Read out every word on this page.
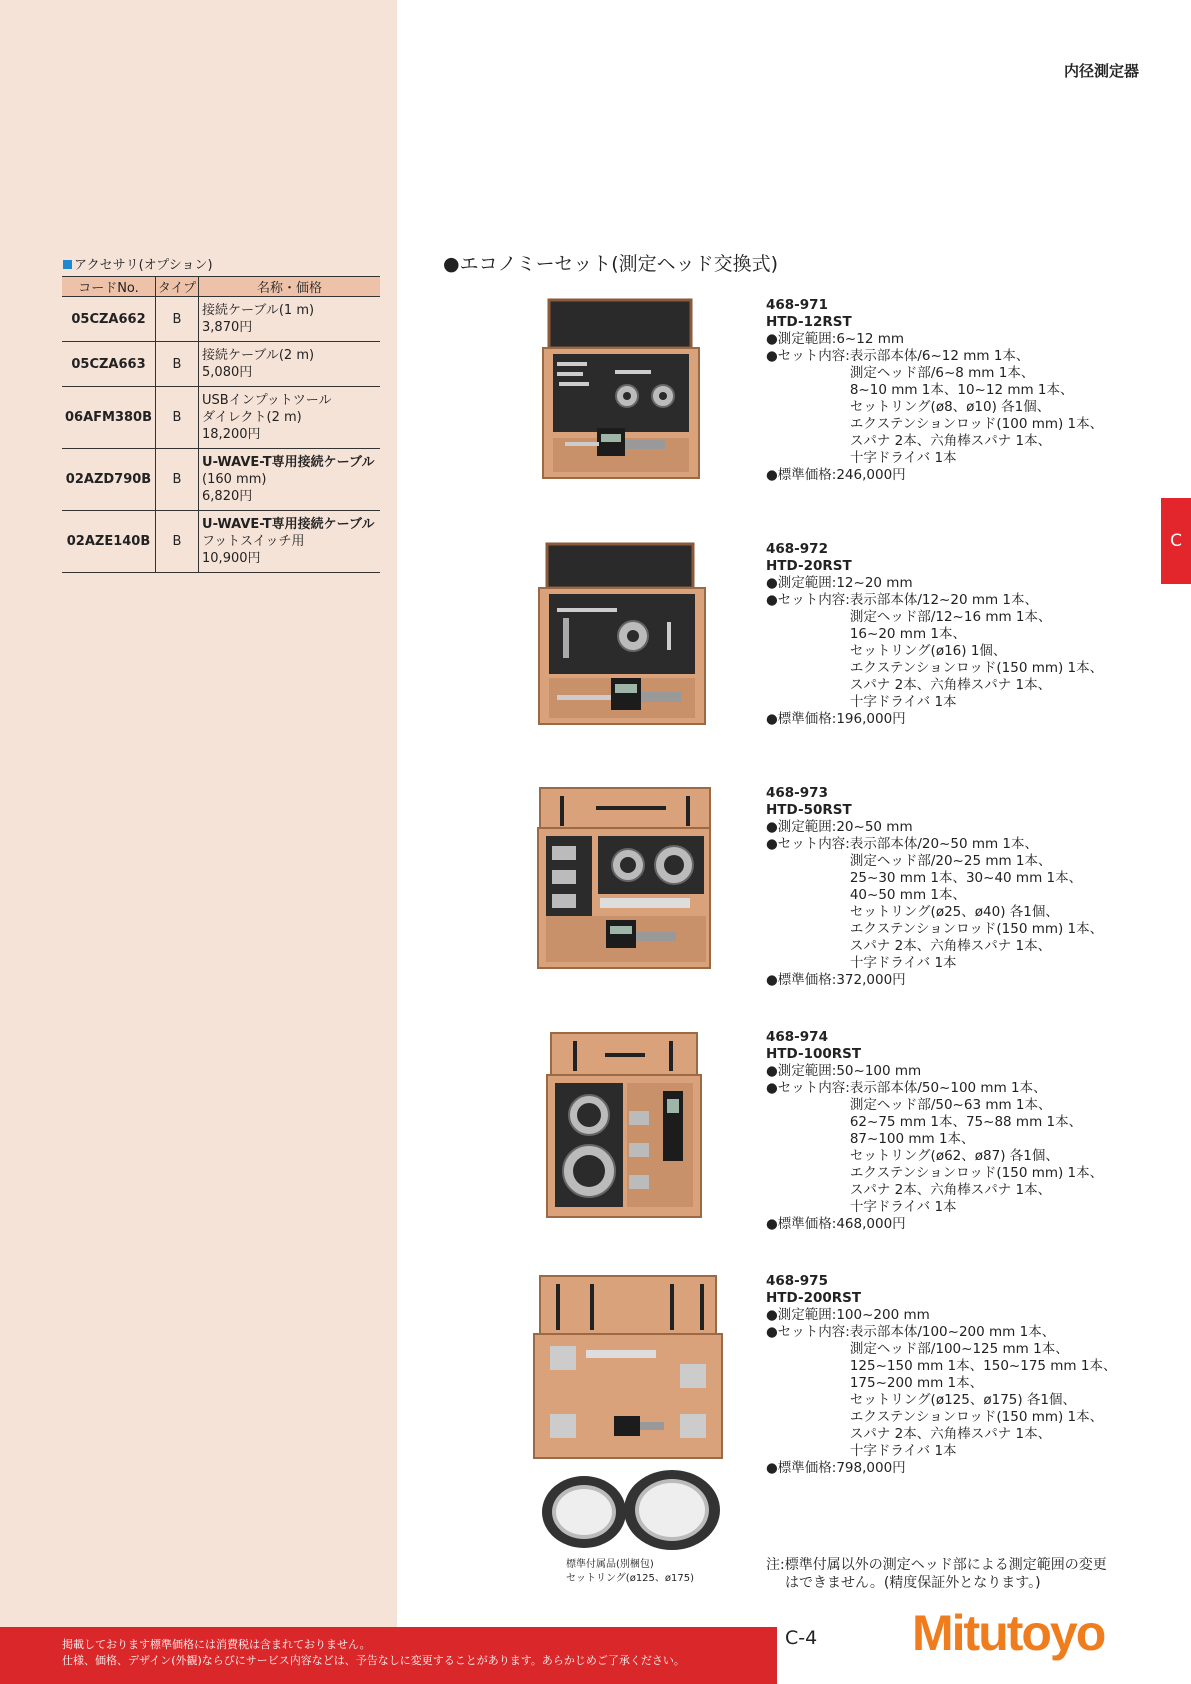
内径測定器
C
アクセサリ(オプション)
コードNo.	タイプ	名称・価格
05CZA662	B	接続ケーブル(1 m)
3,870円

05CZA663	B	接続ケーブル(2 m)
5,080円

06AFM380B	B	USBインプットツール
ダイレクト(2 m)
18,200円

02AZD790B	B	U-WAVE-T専用接続ケーブル
(160 mm)
6,820円

02AZE140B	B	U-WAVE-T専用接続ケーブル
フットスイッチ用
10,900円
●エコノミーセット(測定ヘッド交換式)
468-971
HTD-12RST
●測定範囲:6~12 mm
●セット内容: 表示部本体/6~12 mm 1本、
測定ヘッド部/6~8 mm 1本、
8~10 mm 1本、10~12 mm 1本、
セットリング(ø8、ø10) 各1個、
エクステンションロッド(100 mm) 1本、
スパナ 2本、六角棒スパナ 1本、
十字ドライバ 1本
●標準価格:246,000円
468-972
HTD-20RST
●測定範囲:12~20 mm
●セット内容: 表示部本体/12~20 mm 1本、
測定ヘッド部/12~16 mm 1本、
16~20 mm 1本、
セットリング(ø16) 1個、
エクステンションロッド(150 mm) 1本、
スパナ 2本、六角棒スパナ 1本、
十字ドライバ 1本
●標準価格:196,000円
468-973
HTD-50RST
●測定範囲:20~50 mm
●セット内容: 表示部本体/20~50 mm 1本、
測定ヘッド部/20~25 mm 1本、
25~30 mm 1本、30~40 mm 1本、
40~50 mm 1本、
セットリング(ø25、ø40) 各1個、
エクステンションロッド(150 mm) 1本、
スパナ 2本、六角棒スパナ 1本、
十字ドライバ 1本
●標準価格:372,000円
468-974
HTD-100RST
●測定範囲:50~100 mm
●セット内容: 表示部本体/50~100 mm 1本、
測定ヘッド部/50~63 mm 1本、
62~75 mm 1本、75~88 mm 1本、
87~100 mm 1本、
セットリング(ø62、ø87) 各1個、
エクステンションロッド(150 mm) 1本、
スパナ 2本、六角棒スパナ 1本、
十字ドライバ 1本
●標準価格:468,000円
468-975
HTD-200RST
●測定範囲:100~200 mm
●セット内容: 表示部本体/100~200 mm 1本、
測定ヘッド部/100~125 mm 1本、
125~150 mm 1本、150~175 mm 1本、
175~200 mm 1本、
セットリング(ø125、ø175) 各1個、
エクステンションロッド(150 mm) 1本、
スパナ 2本、六角棒スパナ 1本、
十字ドライバ 1本
●標準価格:798,000円
標準付属品(別梱包)
セットリング(ø125、ø175)
注:標準付属以外の測定ヘッド部による測定範囲の変更
はできません。(精度保証外となります。)
掲載しております標準価格には消費税は含まれておりません。
仕様、価格、デザイン(外観)ならびにサービス内容などは、予告なしに変更することがあります。あらかじめご了承ください。
C-4 Mitutoyo
